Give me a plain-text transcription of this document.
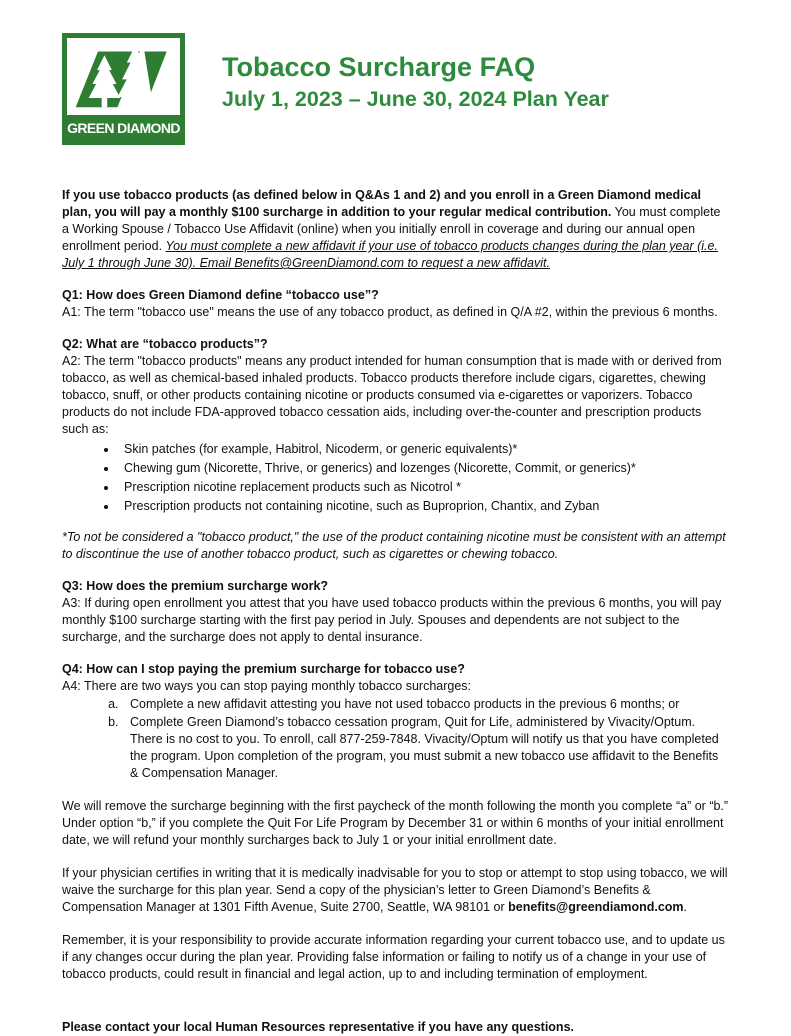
GREEN DIAMOND
Tobacco Surcharge FAQ
July 1, 2023 – June 30, 2024 Plan Year

If you use tobacco products (as defined below in Q&As 1 and 2) and you enroll in a Green Diamond medical plan, you will pay a monthly $100 surcharge in addition to your regular medical contribution. You must complete a Working Spouse / Tobacco Use Affidavit (online) when you initially enroll in coverage and during our annual open enrollment period. You must complete a new affidavit if your use of tobacco products changes during the plan year (i.e. July 1 through June 30). Email Benefits@GreenDiamond.com to request a new affidavit.

Q1: How does Green Diamond define “tobacco use”?

A1: The term "tobacco use" means the use of any tobacco product, as defined in Q/A #2, within the previous 6 months.

Q2: What are “tobacco products”?

A2: The term "tobacco products" means any product intended for human consumption that is made with or derived from tobacco, as well as chemical-based inhaled products. Tobacco products therefore include cigars, cigarettes, chewing tobacco, snuff, or other products containing nicotine or products consumed via e-cigarettes or vaporizers. Tobacco products do not include FDA-approved tobacco cessation aids, including over-the-counter and prescription products such as:

• Skin patches (for example, Habitrol, Nicoderm, or generic equivalents)*
• Chewing gum (Nicorette, Thrive, or generics) and lozenges (Nicorette, Commit, or generics)*
• Prescription nicotine replacement products such as Nicotrol *
• Prescription products not containing nicotine, such as Buproprion, Chantix, and Zyban

*To not be considered a "tobacco product," the use of the product containing nicotine must be consistent with an attempt to discontinue the use of another tobacco product, such as cigarettes or chewing tobacco.

Q3: How does the premium surcharge work?

A3: If during open enrollment you attest that you have used tobacco products within the previous 6 months, you will pay monthly $100 surcharge starting with the first pay period in July. Spouses and dependents are not subject to the surcharge, and the surcharge does not apply to dental insurance.

Q4: How can I stop paying the premium surcharge for tobacco use?

A4: There are two ways you can stop paying monthly tobacco surcharges:

a. Complete a new affidavit attesting you have not used tobacco products in the previous 6 months; or
b. Complete Green Diamond’s tobacco cessation program, Quit for Life, administered by Vivacity/Optum. There is no cost to you. To enroll, call 877-259-7848. Vivacity/Optum will notify us that you have completed the program. Upon completion of the program, you must submit a new tobacco use affidavit to the Benefits & Compensation Manager.

We will remove the surcharge beginning with the first paycheck of the month following the month you complete “a” or “b.” Under option “b,” if you complete the Quit For Life Program by December 31 or within 6 months of your initial enrollment date, we will refund your monthly surcharges back to July 1 or your initial enrollment date.

If your physician certifies in writing that it is medically inadvisable for you to stop or attempt to stop using tobacco, we will waive the surcharge for this plan year. Send a copy of the physician’s letter to Green Diamond’s Benefits & Compensation Manager at 1301 Fifth Avenue, Suite 2700, Seattle, WA 98101 or benefits@greendiamond.com.

Remember, it is your responsibility to provide accurate information regarding your current tobacco use, and to update us if any changes occur during the plan year. Providing false information or failing to notify us of a change in your use of tobacco products, could result in financial and legal action, up to and including termination of employment.

Please contact your local Human Resources representative if you have any questions.
